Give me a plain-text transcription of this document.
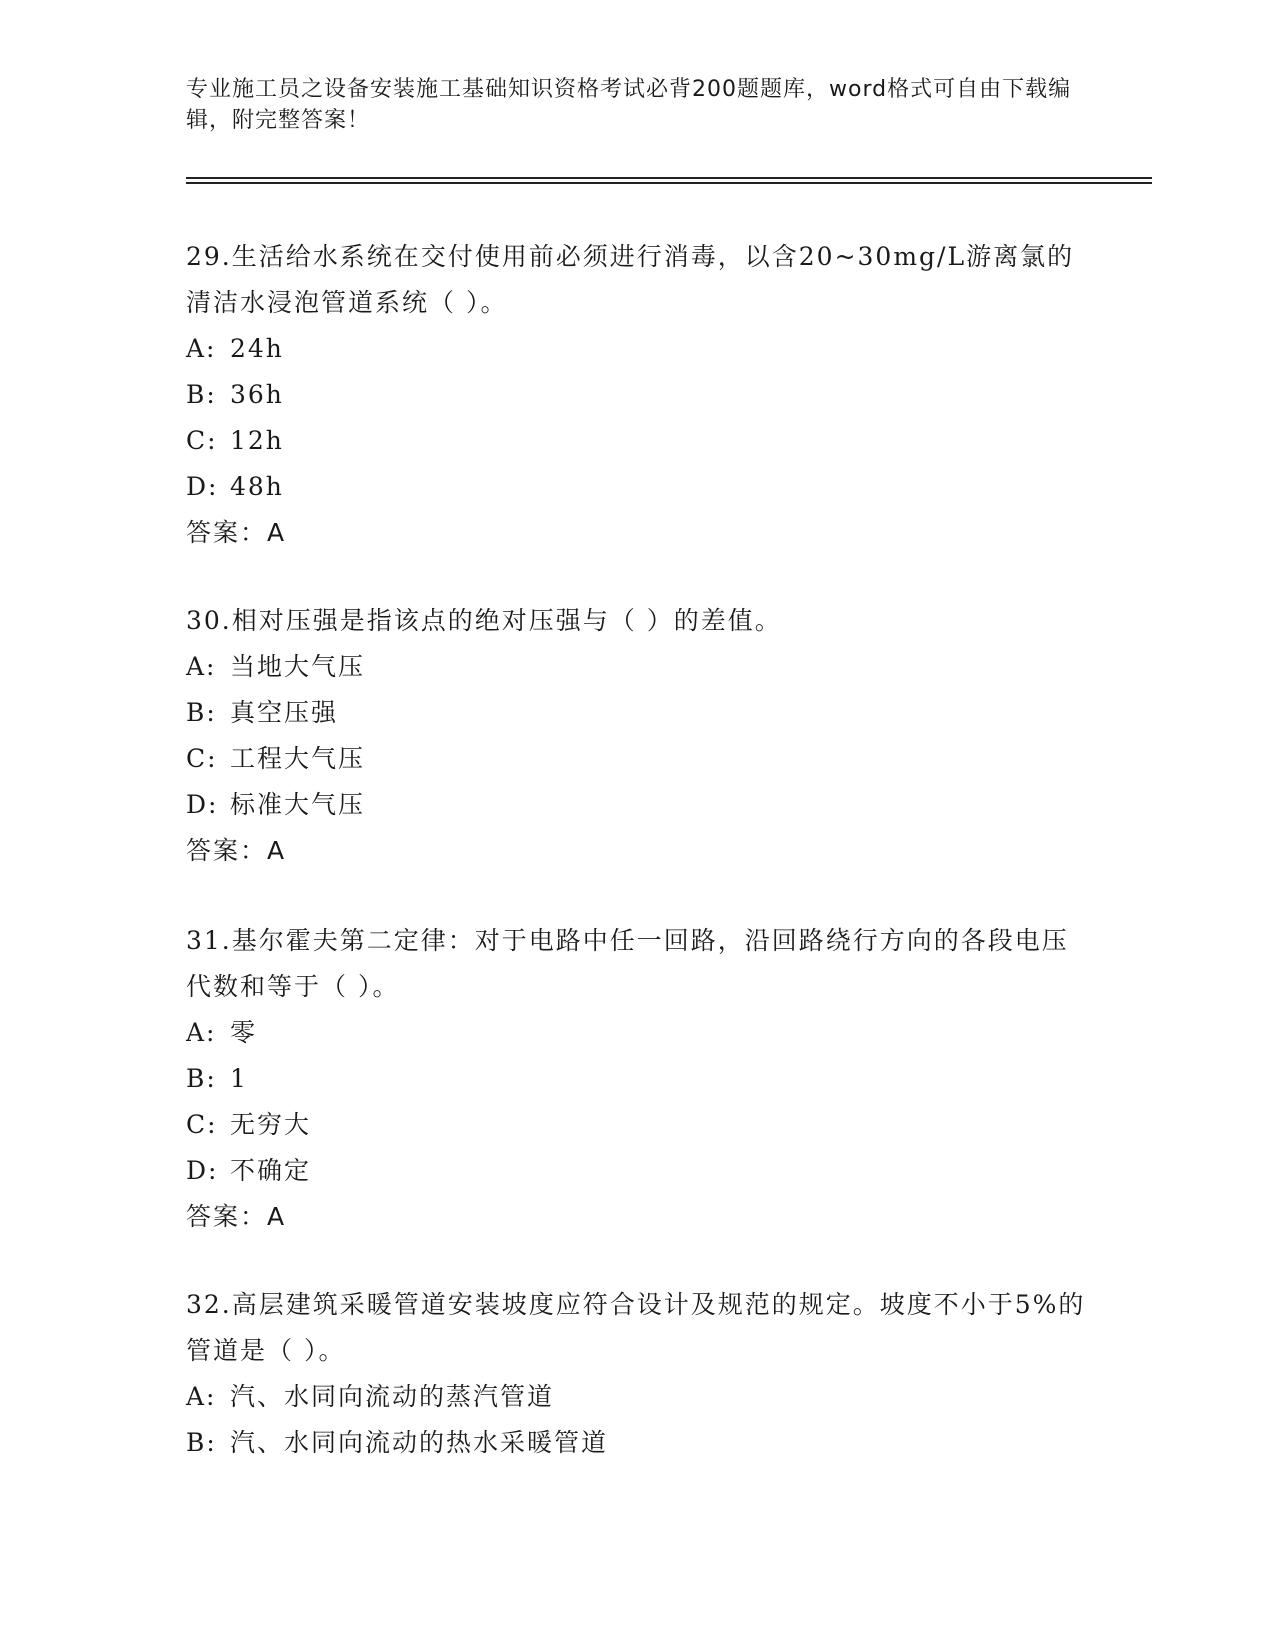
专业施工员之设备安装施工基础知识资格考试必背200题题库，word格式可自由下载编辑，附完整答案！

29.生活给水系统在交付使用前必须进行消毒，以含20~30mg/L游离氯的清洁水浸泡管道系统（ ）。

A: 24h

B: 36h

C: 12h

D: 48h

答案：A

30.相对压强是指该点的绝对压强与（ ）的差值。

A: 当地大气压

B: 真空压强

C: 工程大气压

D: 标准大气压

答案：A

31.基尔霍夫第二定律：对于电路中任一回路，沿回路绕行方向的各段电压代数和等于（ ）。

A: 零

B: 1

C: 无穷大

D: 不确定

答案：A

32.高层建筑采暖管道安装坡度应符合设计及规范的规定。坡度不小于5%的管道是（ ）。

A: 汽、水同向流动的蒸汽管道

B: 汽、水同向流动的热水采暖管道
